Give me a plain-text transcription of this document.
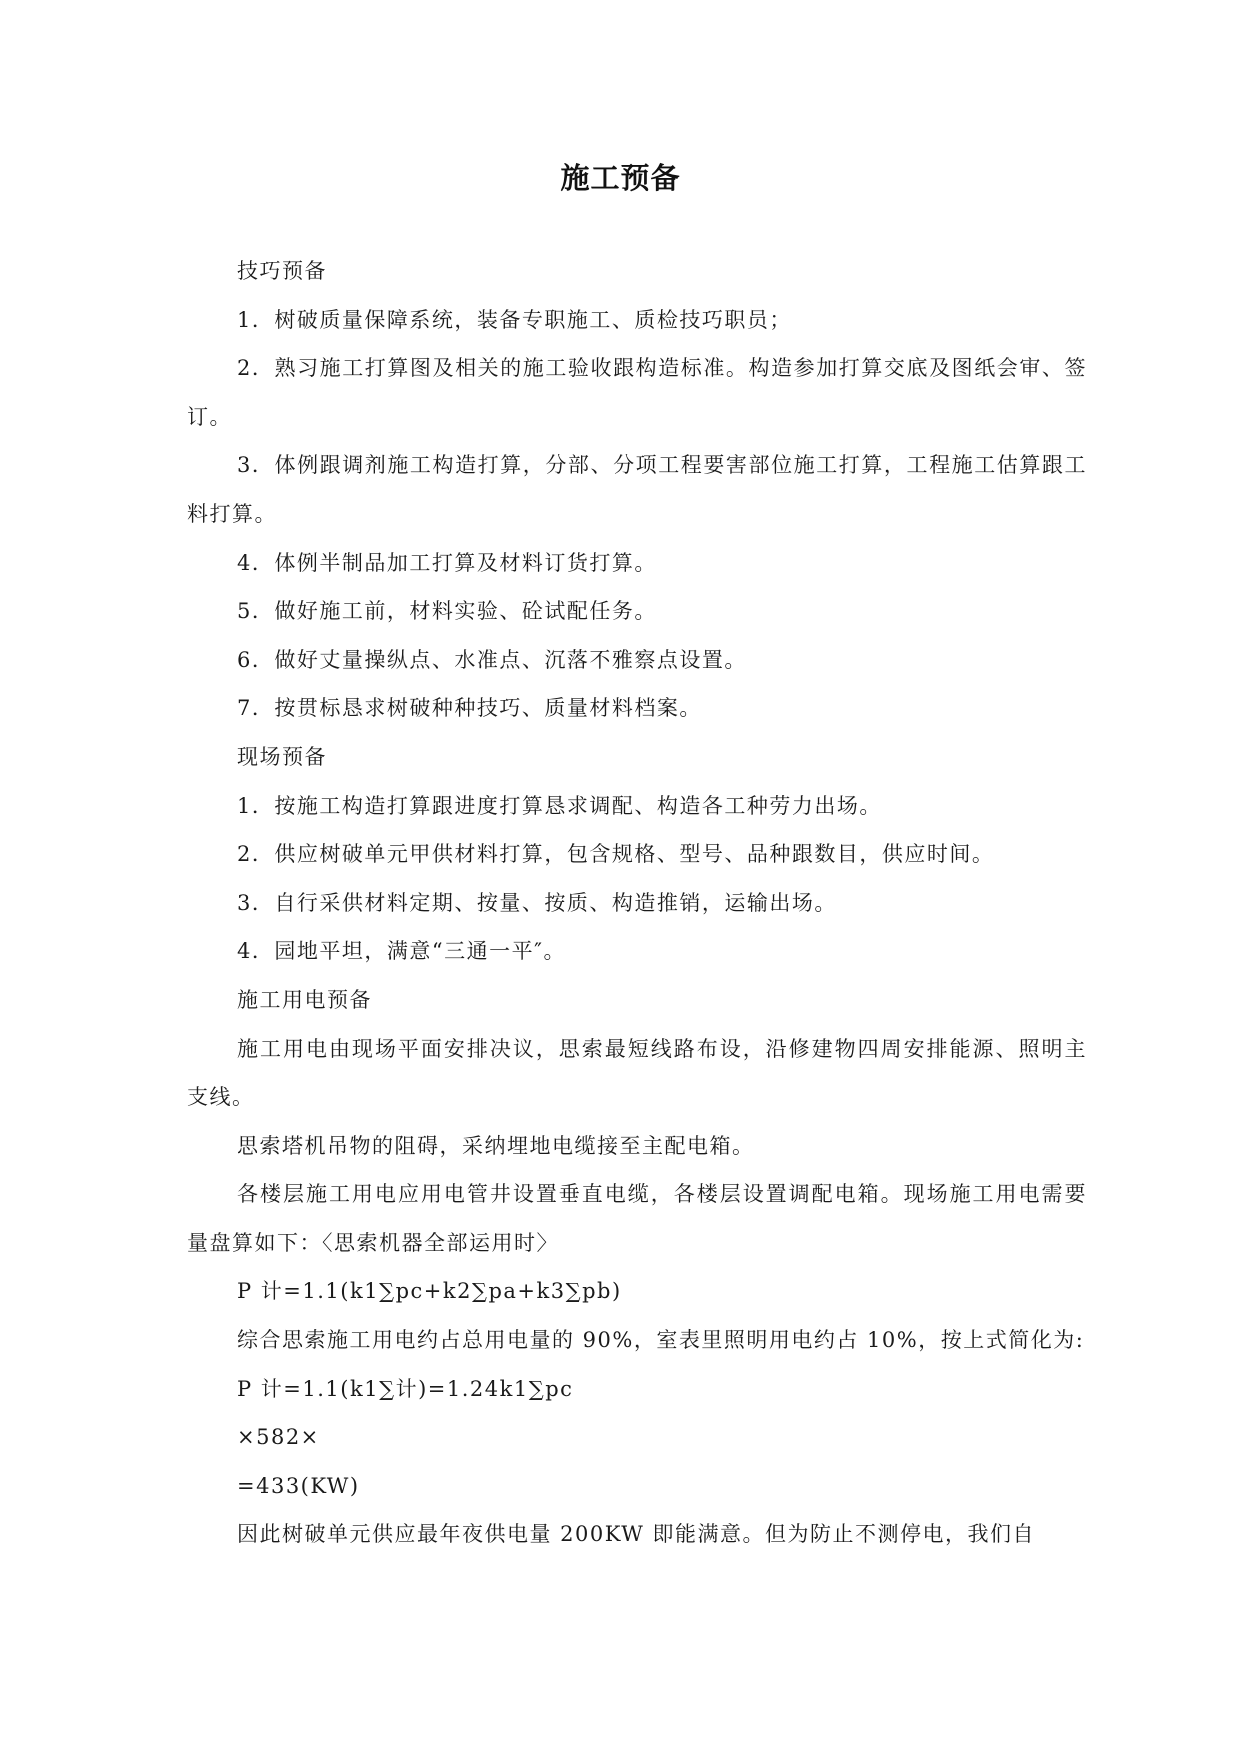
施工预备

技巧预备

1．树破质量保障系统，装备专职施工、质检技巧职员；

2．熟习施工打算图及相关的施工验收跟构造标准。构造参加打算交底及图纸会审、签订。

3．体例跟调剂施工构造打算，分部、分项工程要害部位施工打算，工程施工估算跟工料打算。

4．体例半制品加工打算及材料订货打算。

5．做好施工前，材料实验、砼试配任务。

6．做好丈量操纵点、水准点、沉落不雅察点设置。

7．按贯标恳求树破种种技巧、质量材料档案。

现场预备

1．按施工构造打算跟进度打算恳求调配、构造各工种劳力出场。

2．供应树破单元甲供材料打算，包含规格、型号、品种跟数目，供应时间。

3．自行采供材料定期、按量、按质、构造推销，运输出场。

4．园地平坦，满意“三通一平″。

施工用电预备

施工用电由现场平面安排决议，思索最短线路布设，沿修建物四周安排能源、照明主支线。

思索塔机吊物的阻碍，采纳埋地电缆接至主配电箱。

各楼层施工用电应用电管井设置垂直电缆，各楼层设置调配电箱。现场施工用电需要量盘算如下：〈思索机器全部运用时〉

P 计=1.1(k1∑pc+k2∑pa+k3∑pb)

综合思索施工用电约占总用电量的 90%，室表里照明用电约占 10%，按上式简化为:

P 计=1.1(k1∑计)=1.24k1∑pc

×582×

=433(KW)

因此树破单元供应最年夜供电量 200KW 即能满意。但为防止不测停电，我们自
